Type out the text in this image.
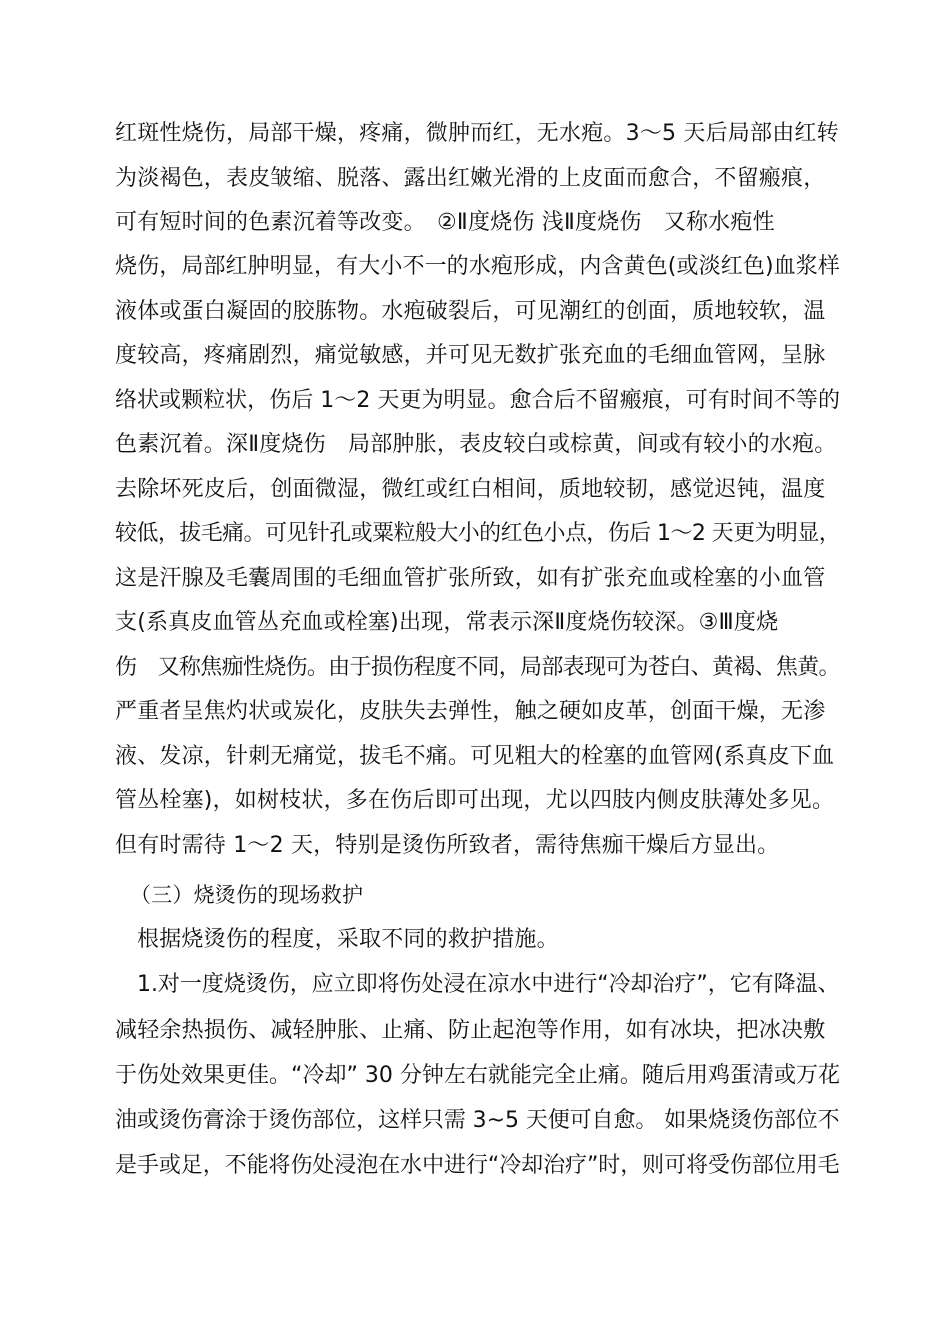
红斑性烧伤，局部干燥，疼痛，微肿而红，无水疱。3～5 天后局部由红转
为淡褐色，表皮皱缩、脱落、露出红嫩光滑的上皮面而愈合，不留瘢痕，
可有短时间的色素沉着等改变。　②Ⅱ度烧伤 浅Ⅱ度烧伤　又称水疱性
烧伤，局部红肿明显，有大小不一的水疱形成，内含黄色(或淡红色)血浆样
液体或蛋白凝固的胶胨物。水疱破裂后，可见潮红的创面，质地较软，温
度较高，疼痛剧烈，痛觉敏感，并可见无数扩张充血的毛细血管网，呈脉
络状或颗粒状，伤后 1～2 天更为明显。愈合后不留瘢痕，可有时间不等的
色素沉着。深Ⅱ度烧伤　局部肿胀，表皮较白或棕黄，间或有较小的水疱。
去除坏死皮后，创面微湿，微红或红白相间，质地较韧，感觉迟钝，温度
较低，拔毛痛。可见针孔或粟粒般大小的红色小点，伤后 1～2 天更为明显，
这是汗腺及毛囊周围的毛细血管扩张所致，如有扩张充血或栓塞的小血管
支(系真皮血管丛充血或栓塞)出现，常表示深Ⅱ度烧伤较深。③Ⅲ度烧
伤　又称焦痂性烧伤。由于损伤程度不同，局部表现可为苍白、黄褐、焦黄。
严重者呈焦灼状或炭化，皮肤失去弹性，触之硬如皮革，创面干燥，无渗
液、发凉，针刺无痛觉，拔毛不痛。可见粗大的栓塞的血管网(系真皮下血
管丛栓塞)，如树枝状，多在伤后即可出现，尤以四肢内侧皮肤薄处多见。
但有时需待 1～2 天，特别是烫伤所致者，需待焦痂干燥后方显出。
（三）烧烫伤的现场救护
根据烧烫伤的程度，采取不同的救护措施。
1.对一度烧烫伤，应立即将伤处浸在凉水中进行“冷却治疗”，它有降温、
减轻余热损伤、减轻肿胀、止痛、防止起泡等作用，如有冰块，把冰决敷
于伤处效果更佳。“冷却” 30 分钟左右就能完全止痛。随后用鸡蛋清或万花
油或烫伤膏涂于烫伤部位，这样只需 3~5 天便可自愈。 如果烧烫伤部位不
是手或足，不能将伤处浸泡在水中进行“冷却治疗”时，则可将受伤部位用毛
